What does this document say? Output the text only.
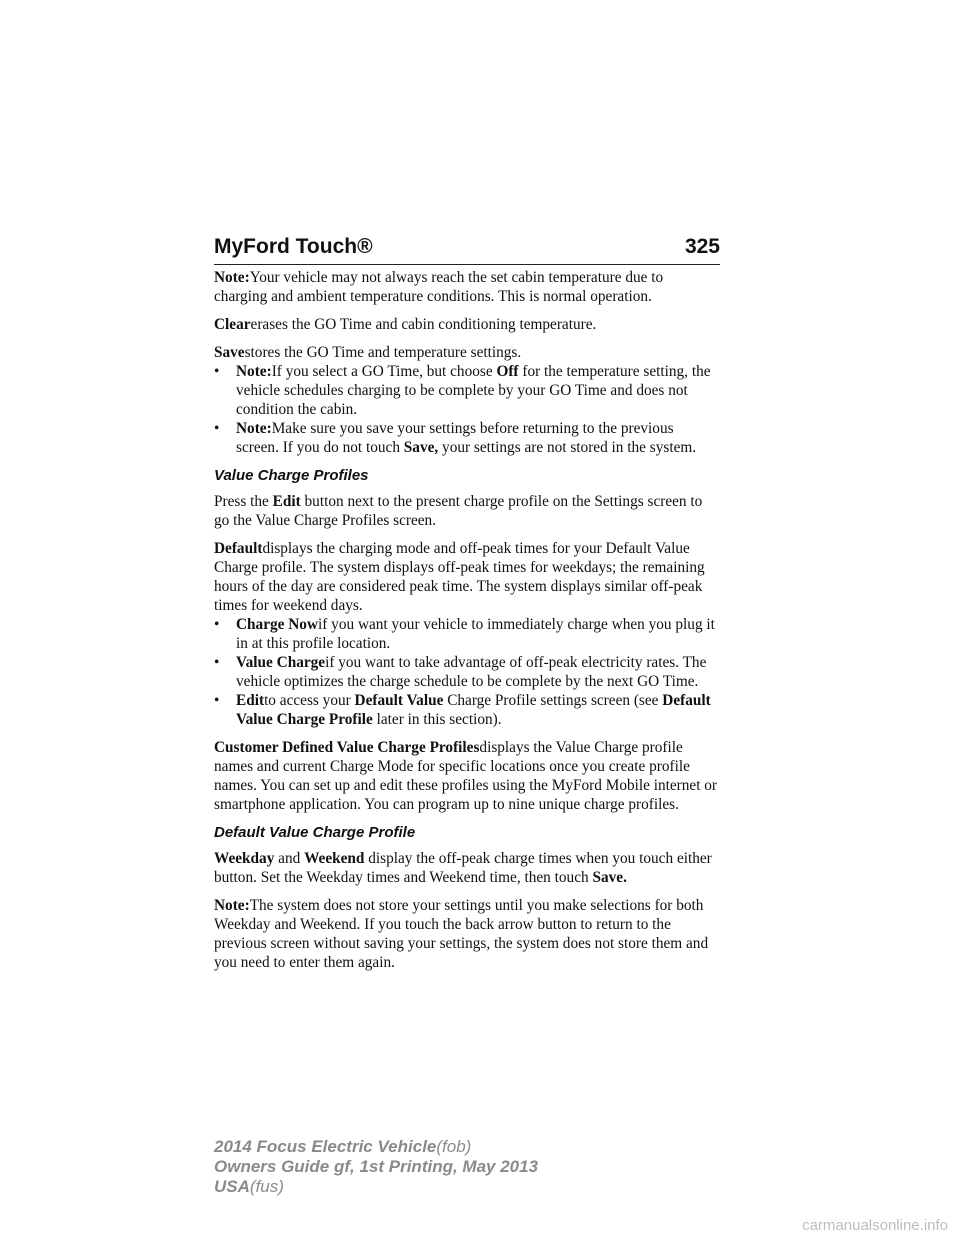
MyFord Touch®	325

Note:Your vehicle may not always reach the set cabin temperature due to charging and ambient temperature conditions. This is normal operation.

Clearerases the GO Time and cabin conditioning temperature.

Savestores the GO Time and temperature settings.

• Note:If you select a GO Time, but choose Off for the temperature setting, the vehicle schedules charging to be complete by your GO Time and does not condition the cabin.
• Note:Make sure you save your settings before returning to the previous screen. If you do not touch Save, your settings are not stored in the system.
Value Charge Profiles

Press the Edit button next to the present charge profile on the Settings screen to go the Value Charge Profiles screen.

Defaultdisplays the charging mode and off-peak times for your Default Value Charge profile. The system displays off-peak times for weekdays; the remaining hours of the day are considered peak time. The system displays similar off-peak times for weekend days.

• Charge Nowif you want your vehicle to immediately charge when you plug it in at this profile location.
• Value Chargeif you want to take advantage of off-peak electricity rates. The vehicle optimizes the charge schedule to be complete by the next GO Time.
• Editto access your Default Value Charge Profile settings screen (see Default Value Charge Profile later in this section).

Customer Defined Value Charge Profilesdisplays the Value Charge profile names and current Charge Mode for specific locations once you create profile names. You can set up and edit these profiles using the MyFord Mobile internet or smartphone application. You can program up to nine unique charge profiles.

Default Value Charge Profile

Weekday and Weekend display the off-peak charge times when you touch either button. Set the Weekday times and Weekend time, then touch Save.

Note:The system does not store your settings until you make selections for both Weekday and Weekend. If you touch the back arrow button to return to the previous screen without saving your settings, the system does not store them and you need to enter them again.

2014 Focus Electric Vehicle(fob)
Owners Guide gf, 1st Printing, May 2013
USA(fus)
carmanualsonline.info
